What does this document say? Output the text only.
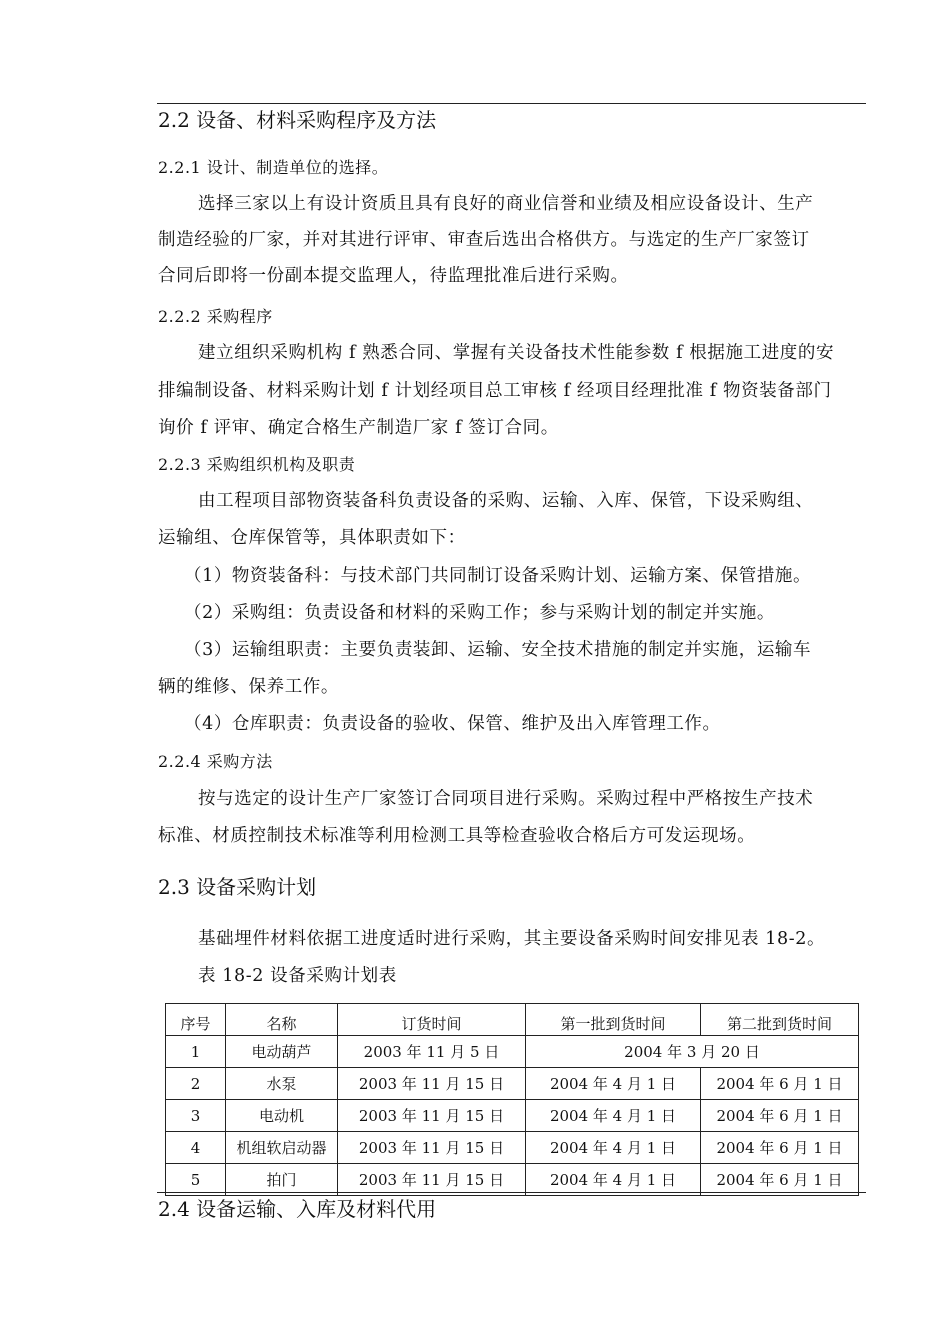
2.2 设备、材料采购程序及方法
2.2.1 设计、制造单位的选择。
选择三家以上有设计资质且具有良好的商业信誉和业绩及相应设备设计、生产
制造经验的厂家，并对其进行评审、审查后选出合格供方。与选定的生产厂家签订
合同后即将一份副本提交监理人，待监理批准后进行采购。
2.2.2 采购程序
建立组织采购机构 f 熟悉合同、掌握有关设备技术性能参数 f 根据施工进度的安
排编制设备、材料采购计划 f 计划经项目总工审核 f 经项目经理批准 f 物资装备部门
询价 f 评审、确定合格生产制造厂家 f 签订合同。
2.2.3 采购组织机构及职责
由工程项目部物资装备科负责设备的采购、运输、入库、保管，下设采购组、
运输组、仓库保管等，具体职责如下：
（1）物资装备科：与技术部门共同制订设备采购计划、运输方案、保管措施。
（2）采购组：负责设备和材料的采购工作；参与采购计划的制定并实施。
（3）运输组职责：主要负责装卸、运输、安全技术措施的制定并实施，运输车
辆的维修、保养工作。
（4）仓库职责：负责设备的验收、保管、维护及出入库管理工作。
2.2.4 采购方法
按与选定的设计生产厂家签订合同项目进行采购。采购过程中严格按生产技术
标准、材质控制技术标准等利用检测工具等检查验收合格后方可发运现场。
2.3 设备采购计划
基础埋件材料依据工进度适时进行采购，其主要设备采购时间安排见表 18-2。
表 18-2 设备采购计划表
序号	名称	订货时间	第一批到货时间	第二批到货时间
1	电动葫芦	2003 年 11 月 5 日	2004 年 3 月 20 日	
2	水泵	2003 年 11 月 15 日	2004 年 4 月 1 日	2004 年 6 月 1 日
3	电动机	2003 年 11 月 15 日	2004 年 4 月 1 日	2004 年 6 月 1 日
4	机组软启动器	2003 年 11 月 15 日	2004 年 4 月 1 日	2004 年 6 月 1 日
5	拍门	2003 年 11 月 15 日	2004 年 4 月 1 日	2004 年 6 月 1 日
2.4 设备运输、入库及材料代用
